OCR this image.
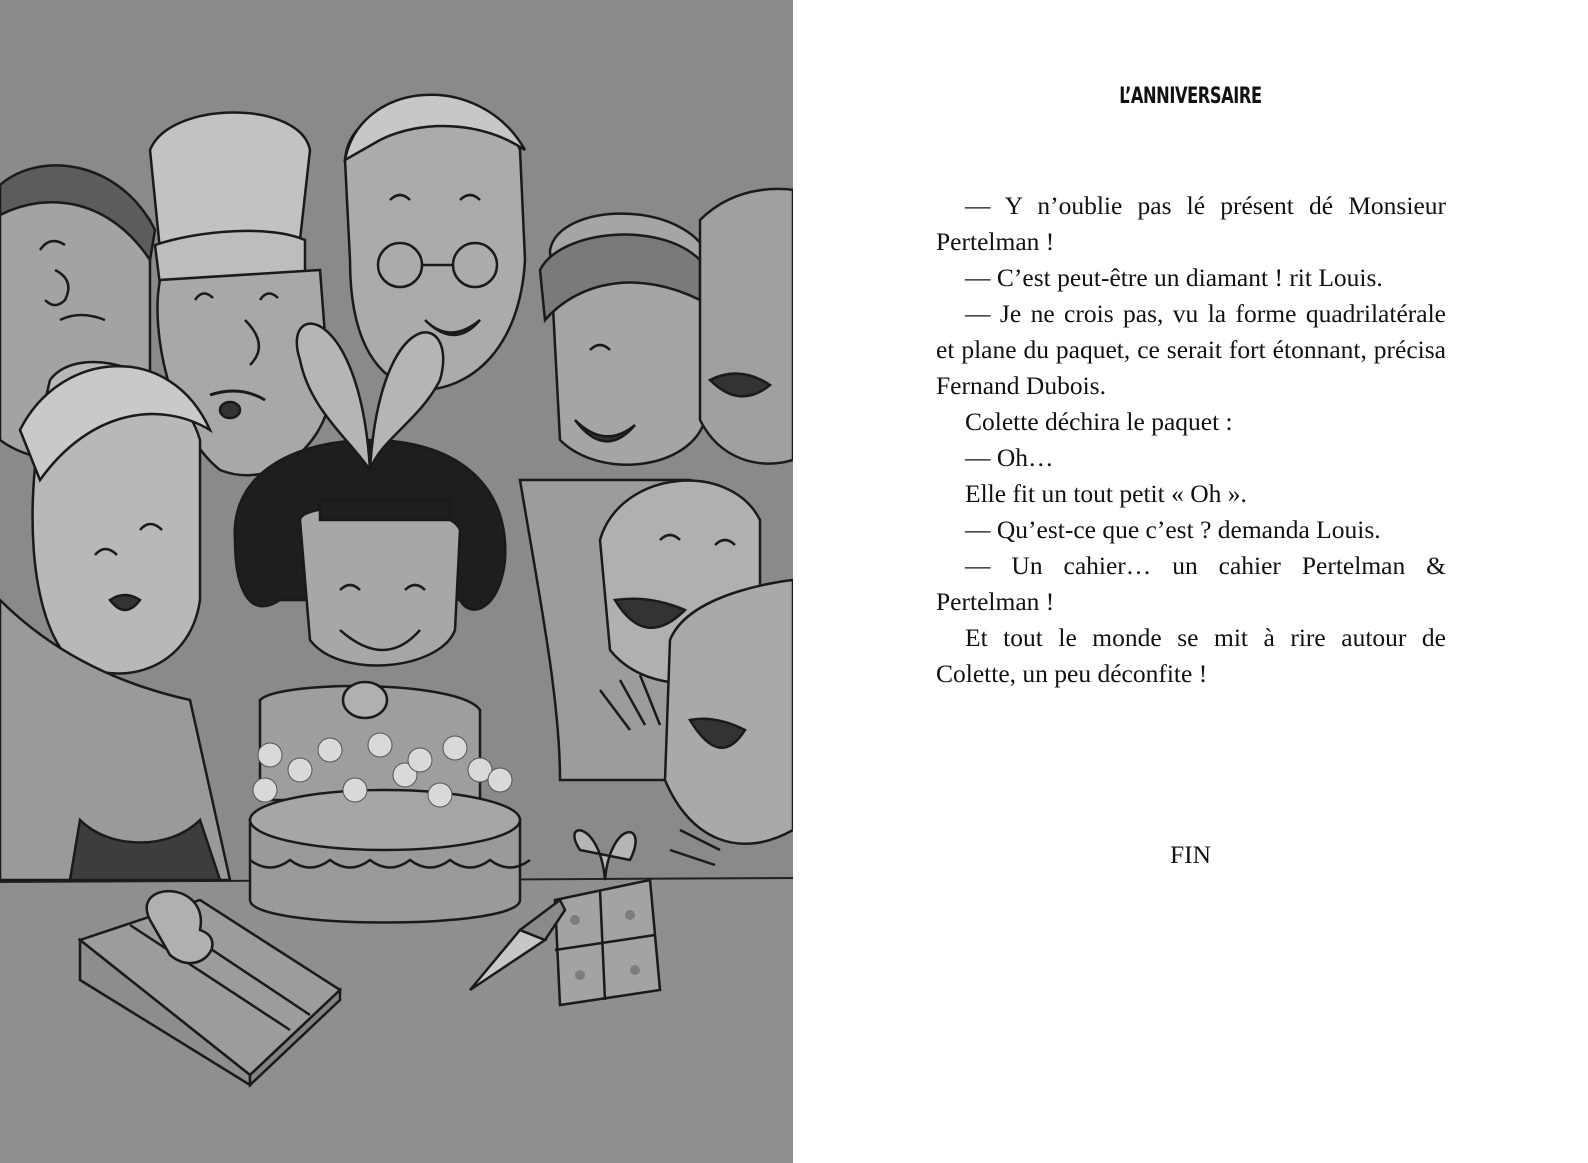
L’ANNIVERSAIRE

— Y n’oublie pas lé présent dé Monsieur Pertelman !

— C’est peut-être un diamant ! rit Louis.

— Je ne crois pas, vu la forme quadrilatérale et plane du paquet, ce serait fort étonnant, précisa Fernand Dubois.

Colette déchira le paquet :

— Oh…

Elle fit un tout petit « Oh ».

— Qu’est-ce que c’est ? demanda Louis.

— Un cahier… un cahier Pertelman & Pertelman !

Et tout le monde se mit à rire autour de Colette, un peu déconfite !

FIN
